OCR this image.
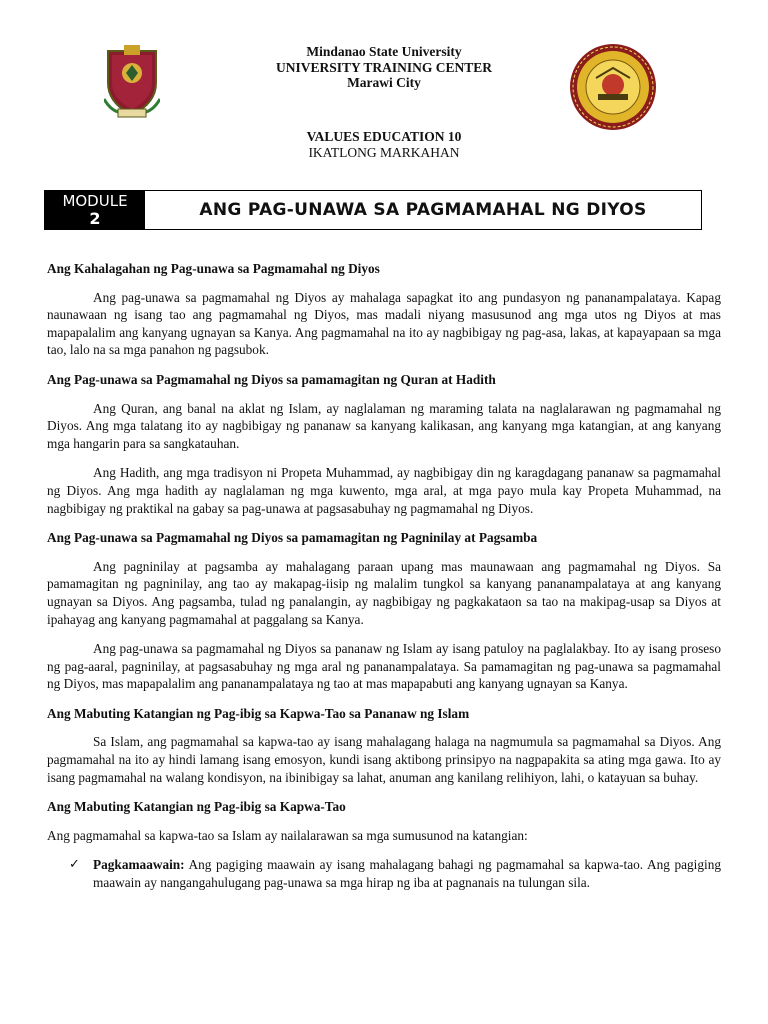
Mindanao State University
UNIVERSITY TRAINING CENTER
Marawi City
VALUES EDUCATION 10
IKATLONG MARKAHAN
MODULE
2	ANG PAG-UNAWA SA PAGMAMAHAL NG DIYOS
Ang Kahalagahan ng Pag-unawa sa Pagmamahal ng Diyos

Ang pag-unawa sa pagmamahal ng Diyos ay mahalaga sapagkat ito ang pundasyon ng pananampalataya. Kapag naunawaan ng isang tao ang pagmamahal ng Diyos, mas madali niyang masusunod ang mga utos ng Diyos at mas mapapalalim ang kanyang ugnayan sa Kanya. Ang pagmamahal na ito ay nagbibigay ng pag-asa, lakas, at kapayapaan sa mga tao, lalo na sa mga panahon ng pagsubok.

Ang Pag-unawa sa Pagmamahal ng Diyos sa pamamagitan ng Quran at Hadith

Ang Quran, ang banal na aklat ng Islam, ay naglalaman ng maraming talata na naglalarawan ng pagmamahal ng Diyos. Ang mga talatang ito ay nagbibigay ng pananaw sa kanyang kalikasan, ang kanyang mga katangian, at ang kanyang mga hangarin para sa sangkatauhan.

Ang Hadith, ang mga tradisyon ni Propeta Muhammad, ay nagbibigay din ng karagdagang pananaw sa pagmamahal ng Diyos. Ang mga hadith ay naglalaman ng mga kuwento, mga aral, at mga payo mula kay Propeta Muhammad, na nagbibigay ng praktikal na gabay sa pag-unawa at pagsasabuhay ng pagmamahal ng Diyos.

Ang Pag-unawa sa Pagmamahal ng Diyos sa pamamagitan ng Pagninilay at Pagsamba

Ang pagninilay at pagsamba ay mahalagang paraan upang mas maunawaan ang pagmamahal ng Diyos. Sa pamamagitan ng pagninilay, ang tao ay makapag-iisip ng malalim tungkol sa kanyang pananampalataya at ang kanyang ugnayan sa Diyos. Ang pagsamba, tulad ng panalangin, ay nagbibigay ng pagkakataon sa tao na makipag-usap sa Diyos at ipahayag ang kanyang pagmamahal at paggalang sa Kanya.

Ang pag-unawa sa pagmamahal ng Diyos sa pananaw ng Islam ay isang patuloy na paglalakbay. Ito ay isang proseso ng pag-aaral, pagninilay, at pagsasabuhay ng mga aral ng pananampalataya. Sa pamamagitan ng pag-unawa sa pagmamahal ng Diyos, mas mapapalalim ang pananampalataya ng tao at mas mapapabuti ang kanyang ugnayan sa Kanya.

Ang Mabuting Katangian ng Pag-ibig sa Kapwa-Tao sa Pananaw ng Islam

Sa Islam, ang pagmamahal sa kapwa-tao ay isang mahalagang halaga na nagmumula sa pagmamahal sa Diyos. Ang pagmamahal na ito ay hindi lamang isang emosyon, kundi isang aktibong prinsipyo na nagpapakita sa ating mga gawa. Ito ay isang pagmamahal na walang kondisyon, na ibinibigay sa lahat, anuman ang kanilang relihiyon, lahi, o katayuan sa buhay.

Ang Mabuting Katangian ng Pag-ibig sa Kapwa-Tao

Ang pagmamahal sa kapwa-tao sa Islam ay nailalarawan sa mga sumusunod na katangian:

✓ Pagkamaawain: Ang pagiging maawain ay isang mahalagang bahagi ng pagmamahal sa kapwa-tao. Ang pagiging maawain ay nangangahulugang pag-unawa sa mga hirap ng iba at pagnanais na tulungan sila.
